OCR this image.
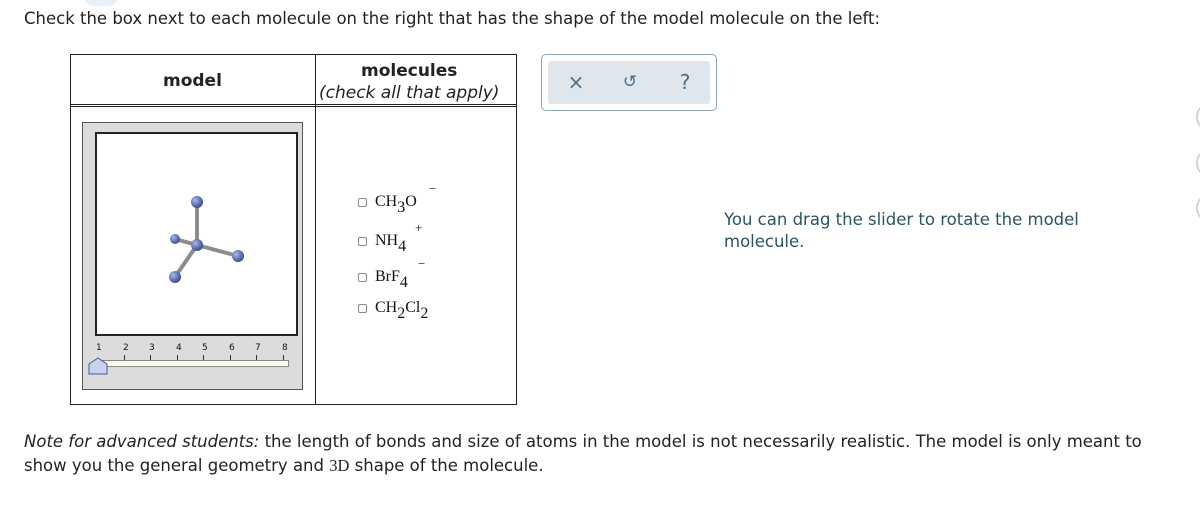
Check the box next to each molecule on the right that has the shape of the model molecule on the left:
model	molecules
(check all that apply)
1 2 3 4 5 6 7 8
CH3O
−
NH4
+
BrF4
−
CH2Cl2
×	↺	?
You can drag the slider to rotate the model molecule.
Note for advanced students: the length of bonds and size of atoms in the model is not necessarily realistic. The model is only meant to show you the general geometry and 3D shape of the molecule.
